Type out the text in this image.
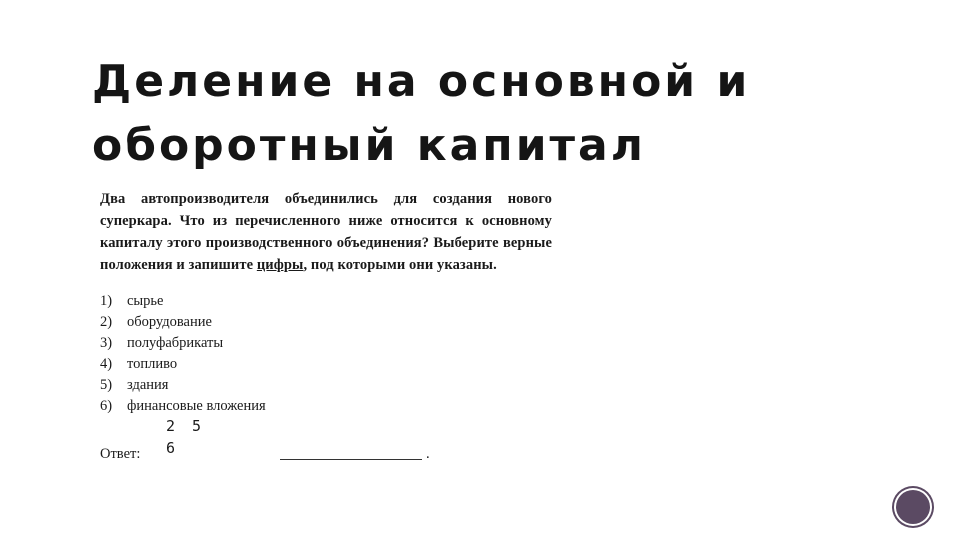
Деление на основной и
оборотный капитал

Два автопроизводителя объединились для создания нового суперкара. Что из перечисленного ниже относится к основному капиталу этого производственного объединения? Выберите верные положения и запишите цифры, под которыми они указаны.

1)	сырье
2)	оборудование
3)	полуфабрикаты
4)	топливо
5)	здания
6)	финансовые вложения
Ответ:
2 5 6	.
